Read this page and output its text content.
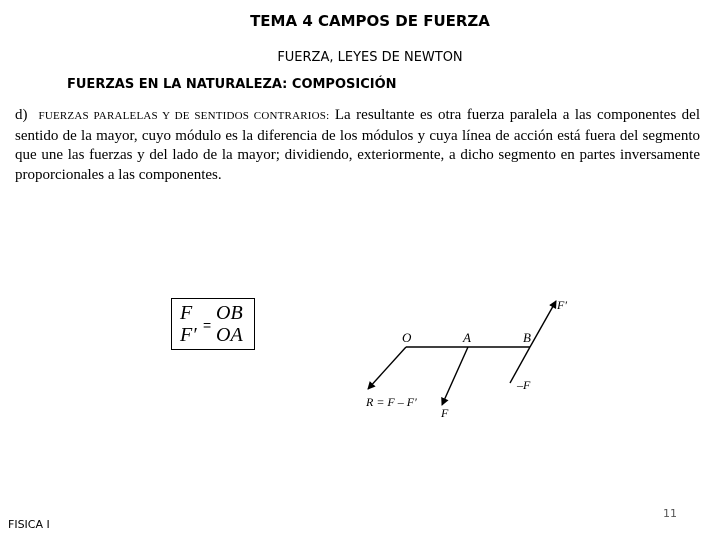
TEMA 4 CAMPOS DE FUERZA
FUERZA, LEYES DE NEWTON
FUERZAS EN LA NATURALEZA: COMPOSICIÓN
d) FUERZAS PARALELAS Y DE SENTIDOS CONTRARIOS: La resultante es otra fuerza paralela a las componentes del sentido de la mayor, cuyo módulo es la diferencia de los módulos y cuya línea de acción está fuera del segmento que une las fuerzas y del lado de la mayor; dividiendo, exteriormente, a dicho segmento en partes inversamente proporcionales a las componentes.
F
F′ =
OB
OA	O	A	B
F′
–F
R = F – F′
F
FISICA I
11
